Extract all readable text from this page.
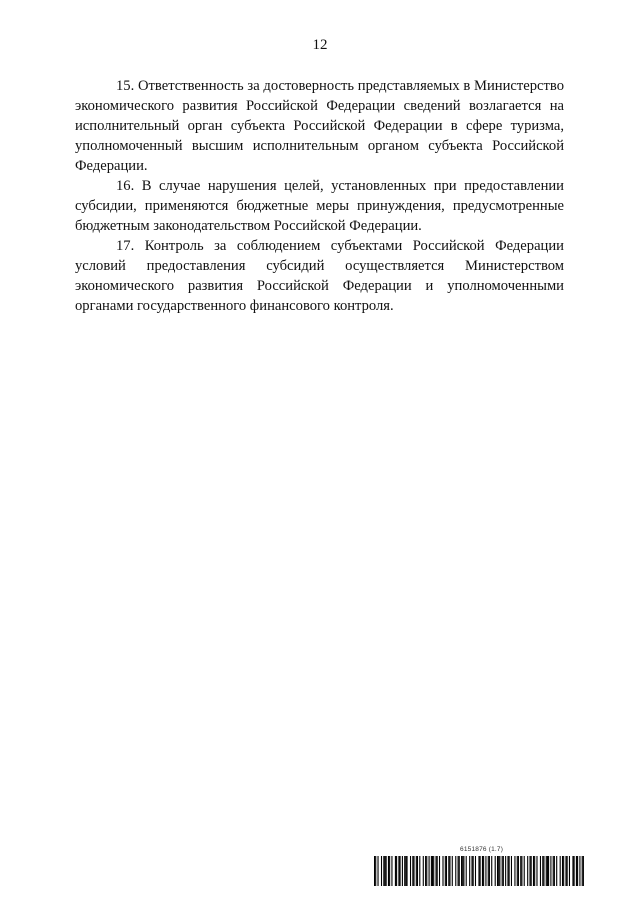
12

15. Ответственность за достоверность представляемых в Министерство экономического развития Российской Федерации сведений возлагается на исполнительный орган субъекта Российской Федерации в сфере туризма, уполномоченный высшим исполнительным органом субъекта Российской Федерации.

16. В случае нарушения целей, установленных при предоставлении субсидии, применяются бюджетные меры принуждения, предусмотренные бюджетным законодательством Российской Федерации.

17. Контроль за соблюдением субъектами Российской Федерации условий предоставления субсидий осуществляется Министерством экономического развития Российской Федерации и уполномоченными органами государственного финансового контроля.

6151876 (1.7)
